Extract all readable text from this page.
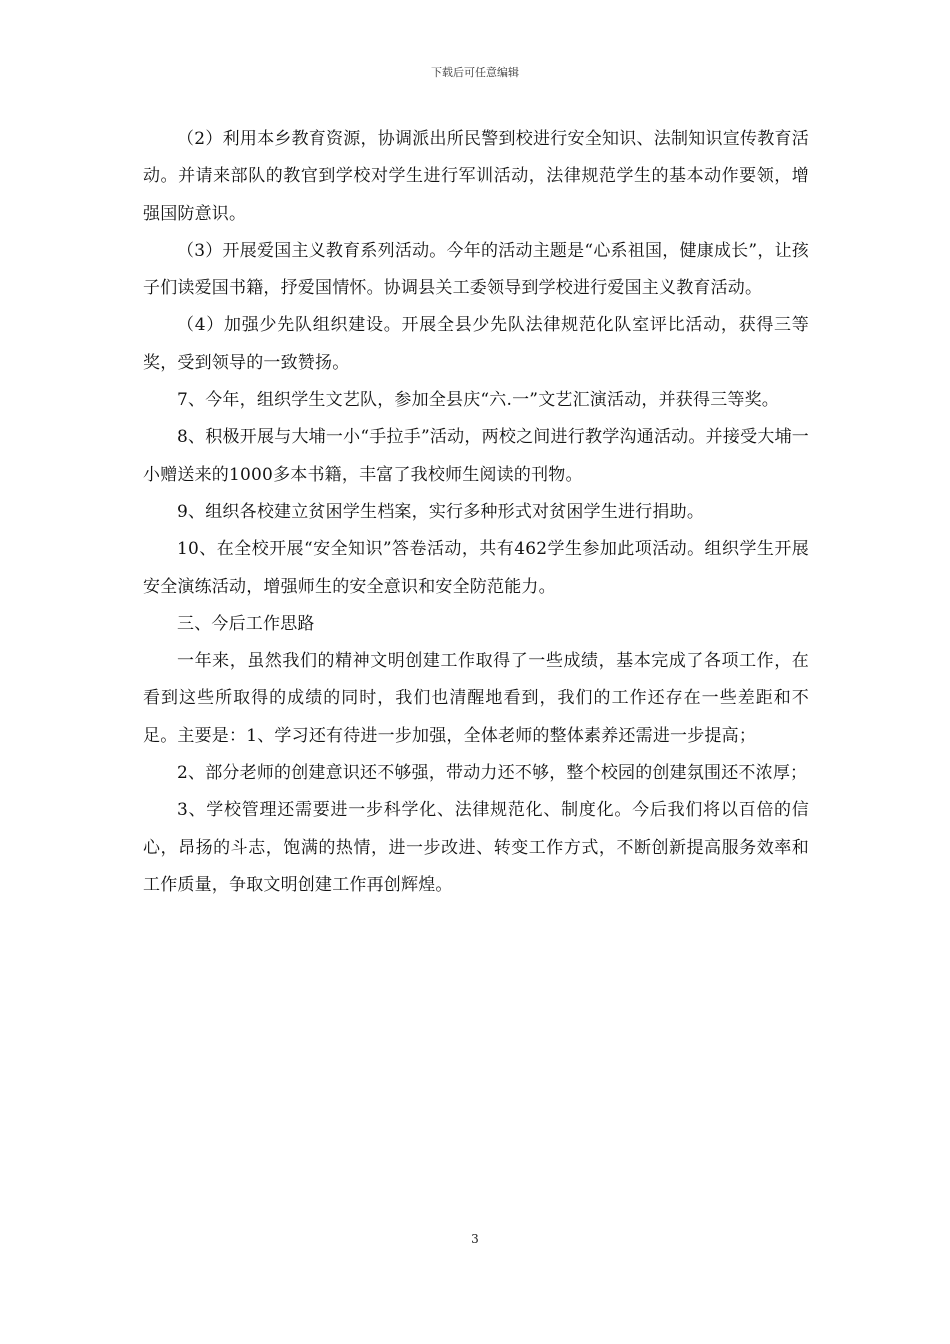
下载后可任意编辑

（2）利用本乡教育资源，协调派出所民警到校进行安全知识、法制知识宣传教育活动。并请来部队的教官到学校对学生进行军训活动，法律规范学生的基本动作要领，增强国防意识。

（3）开展爱国主义教育系列活动。今年的活动主题是“心系祖国，健康成长”，让孩子们读爱国书籍，抒爱国情怀。协调县关工委领导到学校进行爱国主义教育活动。

（4）加强少先队组织建设。开展全县少先队法律规范化队室评比活动，获得三等奖，受到领导的一致赞扬。

7、今年，组织学生文艺队，参加全县庆“六.一”文艺汇演活动，并获得三等奖。

8、积极开展与大埔一小“手拉手”活动，两校之间进行教学沟通活动。并接受大埔一小赠送来的1000多本书籍，丰富了我校师生阅读的刊物。

9、组织各校建立贫困学生档案，实行多种形式对贫困学生进行捐助。

10、在全校开展“安全知识”答卷活动，共有462学生参加此项活动。组织学生开展安全演练活动，增强师生的安全意识和安全防范能力。

三、今后工作思路

一年来，虽然我们的精神文明创建工作取得了一些成绩，基本完成了各项工作，在看到这些所取得的成绩的同时，我们也清醒地看到，我们的工作还存在一些差距和不足。主要是：1、学习还有待进一步加强，全体老师的整体素养还需进一步提高；

2、部分老师的创建意识还不够强，带动力还不够，整个校园的创建氛围还不浓厚；

3、学校管理还需要进一步科学化、法律规范化、制度化。今后我们将以百倍的信心，昂扬的斗志，饱满的热情，进一步改进、转变工作方式，不断创新提高服务效率和工作质量，争取文明创建工作再创辉煌。

3
